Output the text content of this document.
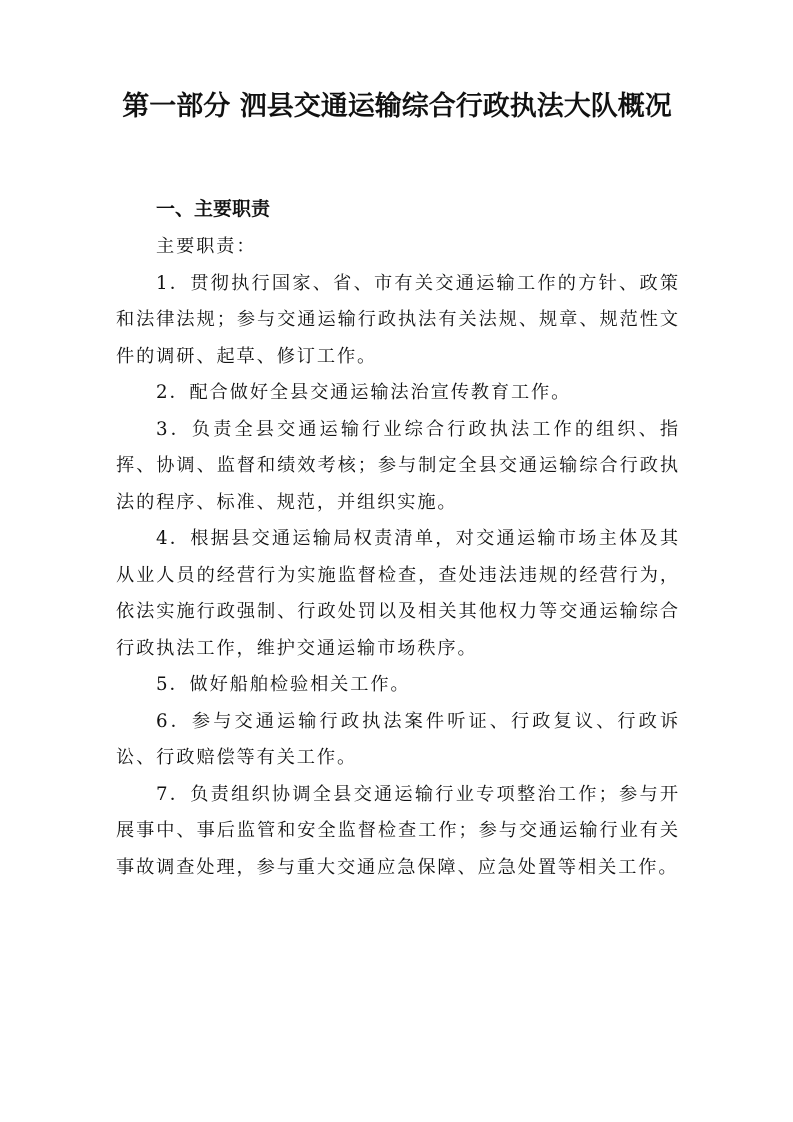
第一部分 泗县交通运输综合行政执法大队概况
一、主要职责

主要职责：

1．贯彻执行国家、省、市有关交通运输工作的方针、政策和法律法规；参与交通运输行政执法有关法规、规章、规范性文件的调研、起草、修订工作。

2．配合做好全县交通运输法治宣传教育工作。

3．负责全县交通运输行业综合行政执法工作的组织、指挥、协调、监督和绩效考核；参与制定全县交通运输综合行政执法的程序、标准、规范，并组织实施。

4．根据县交通运输局权责清单，对交通运输市场主体及其从业人员的经营行为实施监督检查，查处违法违规的经营行为，依法实施行政强制、行政处罚以及相关其他权力等交通运输综合行政执法工作，维护交通运输市场秩序。

5．做好船舶检验相关工作。

6．参与交通运输行政执法案件听证、行政复议、行政诉讼、行政赔偿等有关工作。

7．负责组织协调全县交通运输行业专项整治工作；参与开展事中、事后监管和安全监督检查工作；参与交通运输行业有关事故调查处理，参与重大交通应急保障、应急处置等相关工作。
